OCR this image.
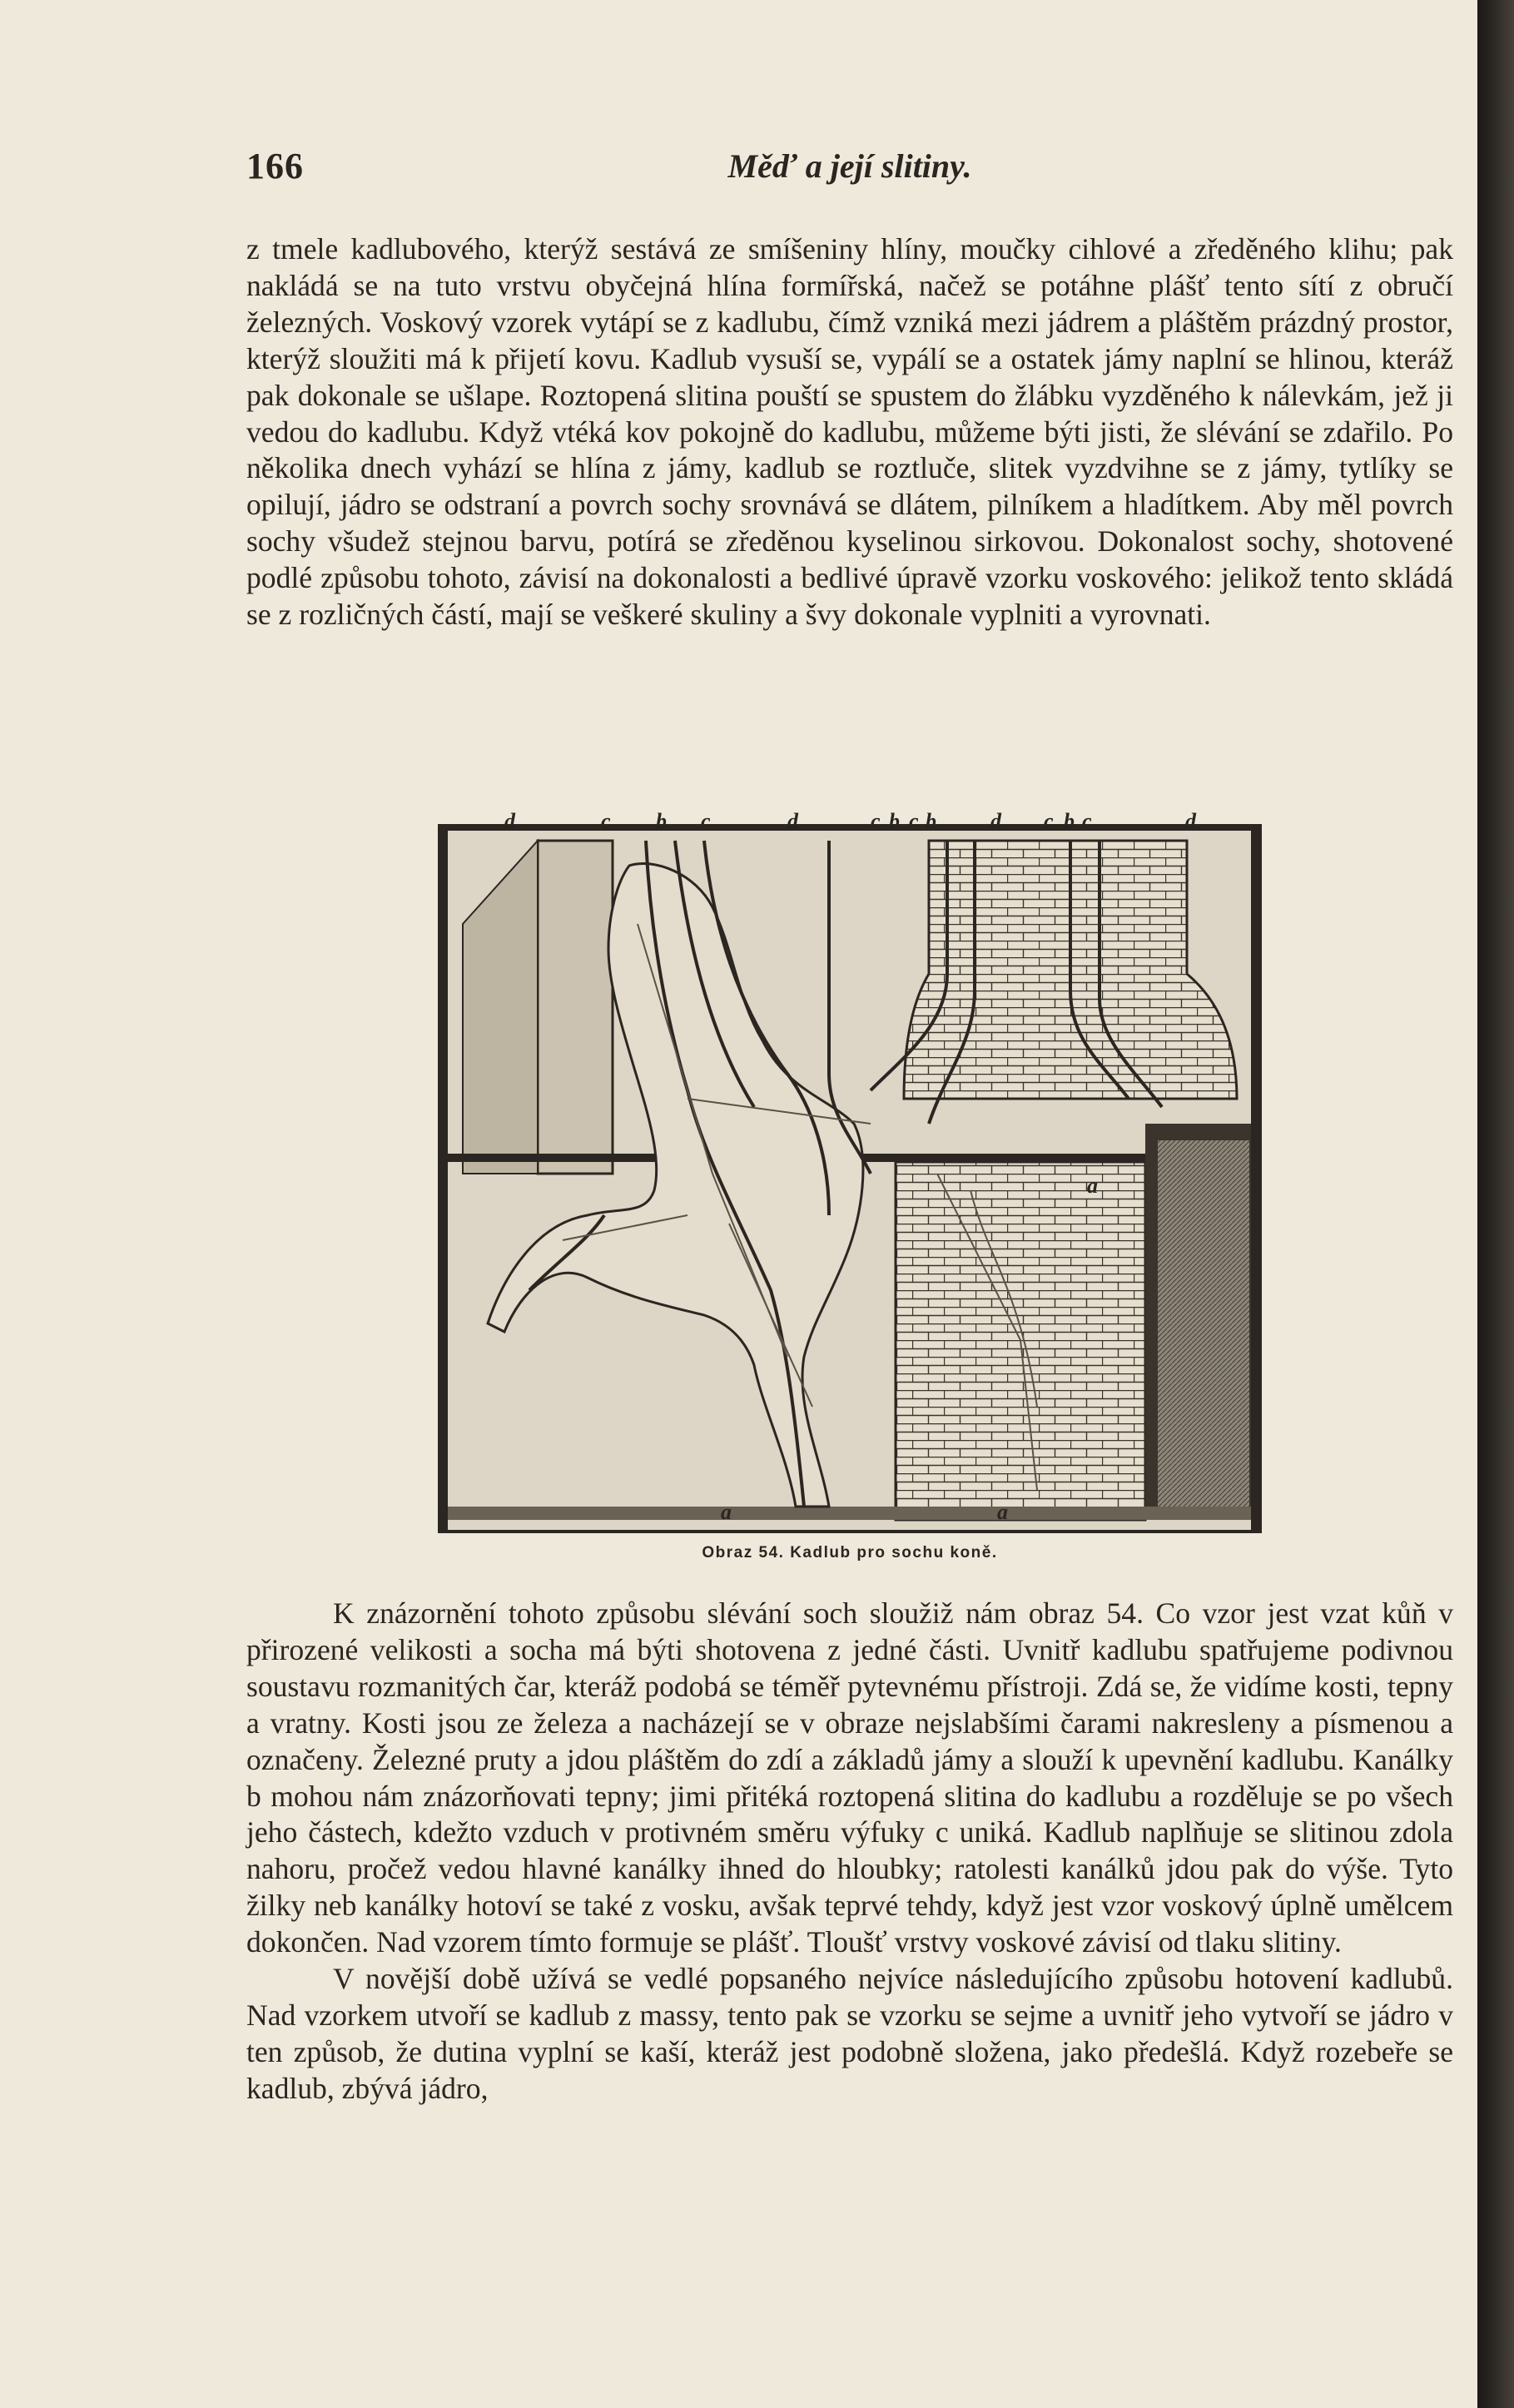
166	Měď a její slitiny.

z tmele kadlubového, kterýž sestává ze smíšeniny hlíny, moučky cihlové a zředěného klihu; pak nakládá se na tuto vrstvu obyčejná hlína formířská, načež se potáhne plášť tento sítí z obručí železných. Voskový vzorek vytápí se z kadlubu, čímž vzniká mezi jádrem a pláštěm prázdný prostor, kterýž sloužiti má k přijetí kovu. Kadlub vysuší se, vypálí se a ostatek jámy naplní se hlinou, kteráž pak dokonale se ušlape. Roztopená slitina pouští se spustem do žlábku vyzděného k nálevkám, jež ji vedou do kadlubu. Když vtéká kov pokojně do kadlubu, můžeme býti jisti, že slévání se zdařilo. Po několika dnech vyhází se hlína z jámy, kadlub se roztluče, slitek vyzdvihne se z jámy, tytlíky se opilují, jádro se odstraní a povrch sochy srovnává se dlátem, pilníkem a hladítkem. Aby měl povrch sochy všudež stejnou barvu, potírá se zředěnou kyselinou sirkovou. Dokonalost sochy, shotovené podlé způsobu tohoto, závisí na dokonalosti a bedlivé úpravě vzorku voskového: jelikož tento skládá se z rozličných částí, mají se veškeré skuliny a švy dokonale vyplniti a vyrovnati.

d	c b c	d	c b c b	d c b c	d
a	a
a
Obraz 54. Kadlub pro sochu koně.

K znázornění tohoto způsobu slévání soch sloužiž nám obraz 54. Co vzor jest vzat kůň v přirozené velikosti a socha má býti shotovena z jedné části. Uvnitř kadlubu spatřujeme podivnou soustavu rozmanitých čar, kteráž podobá se téměř pytevnému přístroji. Zdá se, že vidíme kosti, tepny a vratny. Kosti jsou ze železa a nacházejí se v obraze nejslabšími čarami nakresleny a písmenou a označeny. Železné pruty a jdou pláštěm do zdí a základů jámy a slouží k upevnění kadlubu. Kanálky b mohou nám znázorňovati tepny; jimi přitéká roztopená slitina do kadlubu a rozděluje se po všech jeho částech, kdežto vzduch v protivném směru výfuky c uniká. Kadlub naplňuje se slitinou zdola nahoru, pročež vedou hlavné kanálky ihned do hloubky; ratolesti kanálků jdou pak do výše. Tyto žilky neb kanálky hotoví se také z vosku, avšak teprvé tehdy, když jest vzor voskový úplně umělcem dokončen. Nad vzorem tímto formuje se plášť. Tloušť vrstvy voskové závisí od tlaku slitiny.

V novější době užívá se vedlé popsaného nejvíce následujícího způsobu hotovení kadlubů. Nad vzorkem utvoří se kadlub z massy, tento pak se vzorku se sejme a uvnitř jeho vytvoří se jádro v ten způsob, že dutina vyplní se kaší, kteráž jest podobně složena, jako předešlá. Když rozebeře se kadlub, zbývá jádro,
